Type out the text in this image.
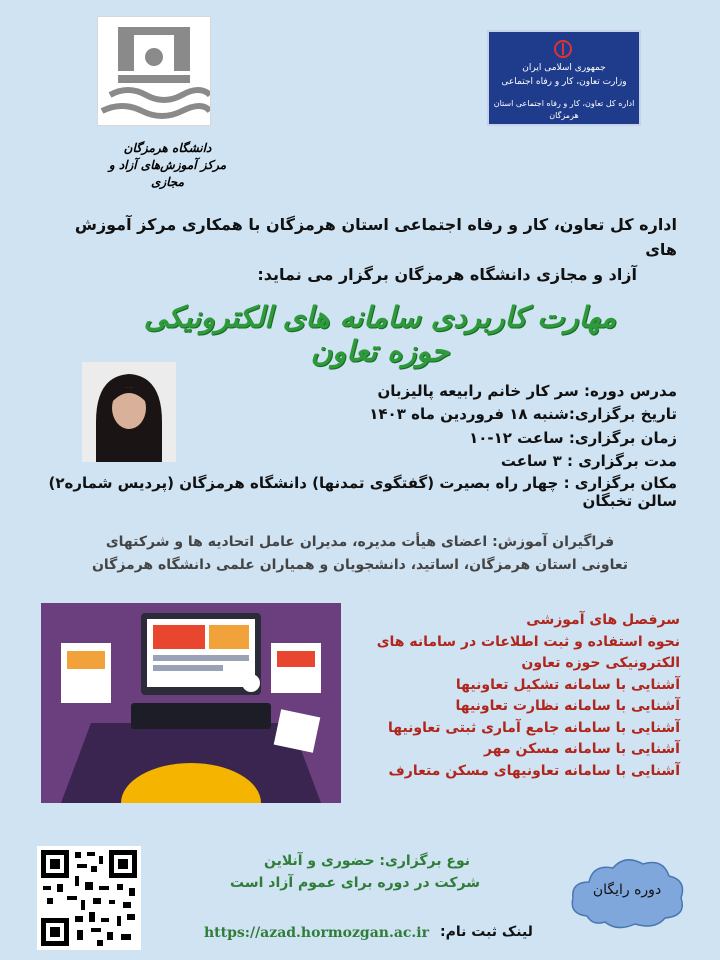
دانشگاه هرمزگان
مرکز آموزش‌های آزاد و مجازی
جمهوری اسلامی ایران
وزارت تعاون، کار و رفاه اجتماعی
اداره کل تعاون، کار و رفاه اجتماعی استان هرمزگان
اداره کل تعاون، کار و رفاه اجتماعی استان هرمزگان با همکاری مرکز آموزش های
آزاد و مجازی دانشگاه هرمزگان برگزار می نماید:
مهارت کاربردی سامانه های الکترونیکی حوزه تعاون
مدرس دوره: سر کار خانم رابیعه پالیزبان
تاریخ برگزاری:شنبه ۱۸ فروردین ماه ۱۴۰۳
زمان برگزاری: ساعت ۱۲-۱۰
مدت برگزاری : ۳ ساعت
مکان برگزاری : چهار راه بصیرت (گفتگوی تمدنها) دانشگاه هرمزگان (پردیس شماره۲) سالن تخبگان
فراگیران آموزش: اعضای هیأت مدیره، مدیران عامل اتحادیه ها و شرکتهای
تعاونی استان هرمزگان، اساتید، دانشجویان و همیاران علمی دانشگاه هرمزگان
سرفصل های آموزشی
نحوه استفاده و ثبت اطلاعات در سامانه های
الکترونیکی حوزه تعاون
آشنایی با سامانه تشکیل تعاونیها
آشنایی با سامانه نظارت تعاونیها
آشنایی با سامانه جامع آماری ثبتی تعاونیها
آشنایی با سامانه مسکن مهر
آشنایی با سامانه تعاونیهای مسکن متعارف
نوع برگزاری: حضوری و آنلاین
شرکت در دوره برای عموم آزاد است	دوره رایگان
لینک ثبت نام:
https://azad.hormozgan.ac.ir
